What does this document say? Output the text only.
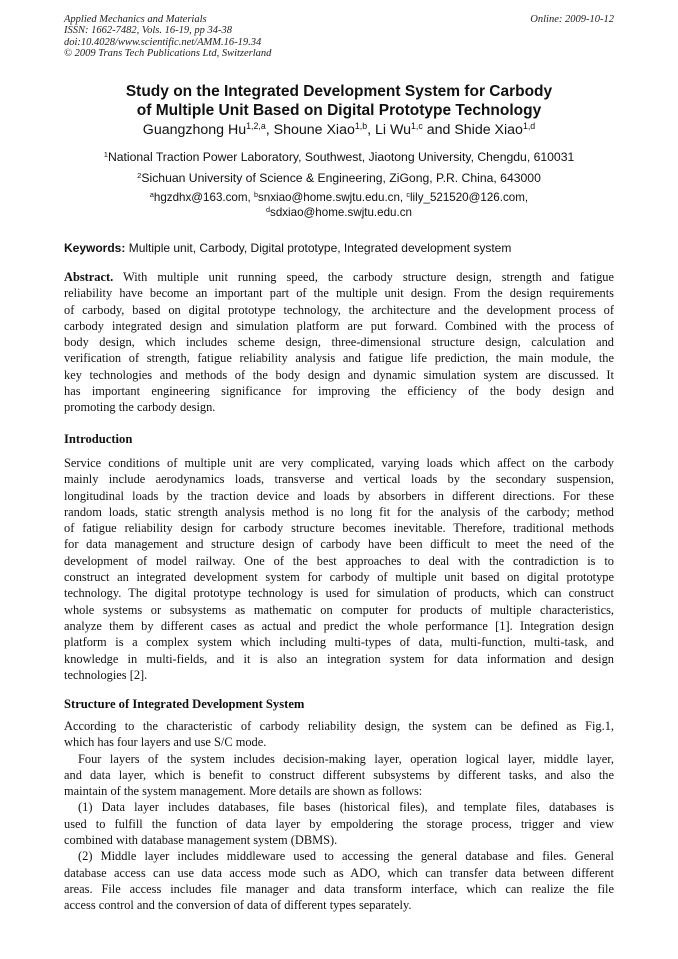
Applied Mechanics and Materials
ISSN: 1662-7482, Vols. 16-19, pp 34-38
doi:10.4028/www.scientific.net/AMM.16-19.34
© 2009 Trans Tech Publications Ltd, Switzerland
Online: 2009-10-12
Study on the Integrated Development System for Carbody
of Multiple Unit Based on Digital Prototype Technology
Guangzhong Hu$^{1,2,a}$, Shoune Xiao$^{1,b}$, Li Wu$^{1,c}$ and Shide Xiao$^{1,d}$
$^1$National Traction Power Laboratory, Southwest, Jiaotong University, Chengdu, 610031
$^2$Sichuan University of Science & Engineering, ZiGong, P.R. China, 643000
$^a$hgzdhx@163.com, $^b$snxiao@home.swjtu.edu.cn, $^c$lily_521520@126.com,
$^d$sdxiao@home.swjtu.edu.cn
Keywords: Multiple unit, Carbody, Digital prototype, Integrated development system
Abstract. With multiple unit running speed, the carbody structure design, strength and fatigue
reliability have become an important part of the multiple unit design. From the design requirements
of carbody, based on digital prototype technology, the architecture and the development process of
carbody integrated design and simulation platform are put forward. Combined with the process of
body design, which includes scheme design, three-dimensional structure design, calculation and
verification of strength, fatigue reliability analysis and fatigue life prediction, the main module, the
key technologies and methods of the body design and dynamic simulation system are discussed. It
has important engineering significance for improving the efficiency of the body design and
promoting the carbody design.
Introduction
Service conditions of multiple unit are very complicated, varying loads which affect on the carbody
mainly include aerodynamics loads, transverse and vertical loads by the secondary suspension,
longitudinal loads by the traction device and loads by absorbers in different directions. For these
random loads, static strength analysis method is no long fit for the analysis of the carbody; method
of fatigue reliability design for carbody structure becomes inevitable. Therefore, traditional methods
for data management and structure design of carbody have been difficult to meet the need of the
development of model railway. One of the best approaches to deal with the contradiction is to
construct an integrated development system for carbody of multiple unit based on digital prototype
technology. The digital prototype technology is used for simulation of products, which can construct
whole systems or subsystems as mathematic on computer for products of multiple characteristics,
analyze them by different cases as actual and predict the whole performance [1]. Integration design
platform is a complex system which including multi-types of data, multi-function, multi-task, and
knowledge in multi-fields, and it is also an integration system for data information and design
technologies [2].
Structure of Integrated Development System
According to the characteristic of carbody reliability design, the system can be defined as Fig.1,
which has four layers and use S/C mode.
Four layers of the system includes decision-making layer, operation logical layer, middle layer,
and data layer, which is benefit to construct different subsystems by different tasks, and also the
maintain of the system management. More details are shown as follows:
(1) Data layer includes databases, file bases (historical files), and template files, databases is
used to fulfill the function of data layer by empoldering the storage process, trigger and view
combined with database management system (DBMS).
(2) Middle layer includes middleware used to accessing the general database and files. General
database access can use data access mode such as ADO, which can transfer data between different
areas. File access includes file manager and data transform interface, which can realize the file
access control and the conversion of data of different types separately.
